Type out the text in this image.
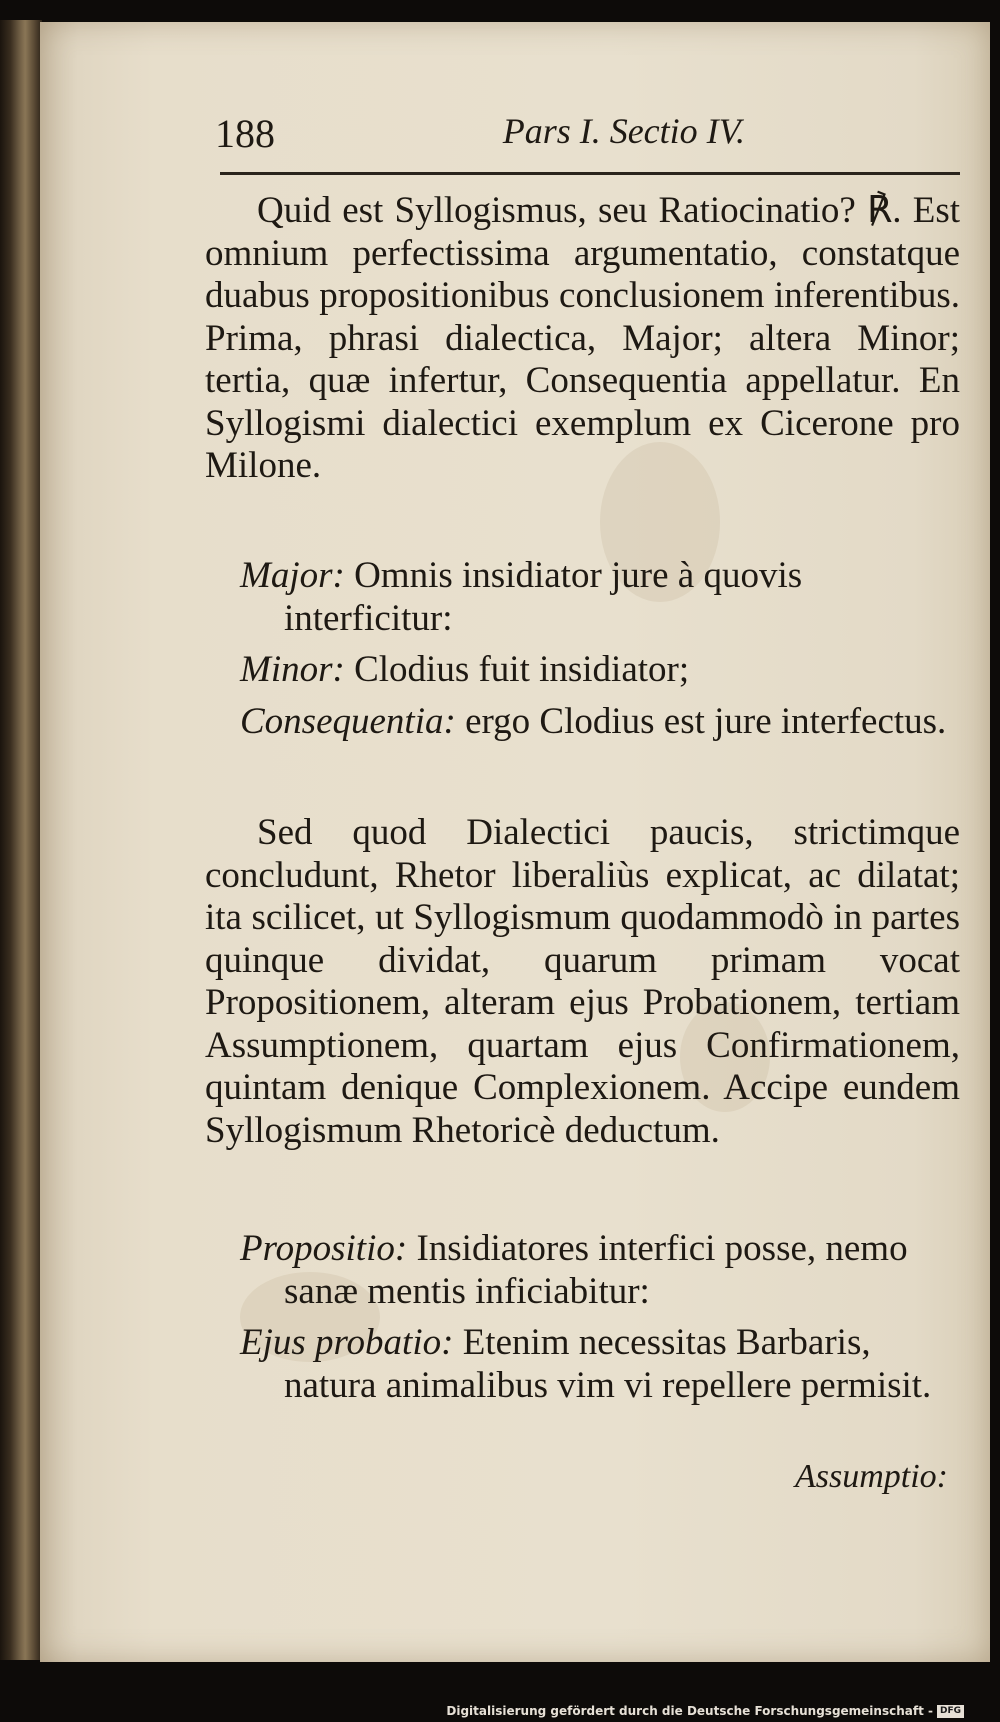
188	Pars I. Sectio IV.

Quid est Syllogismus, seu Ratiocinatio? ℟. Est omnium perfectissima argumentatio, constatque duabus propositionibus conclusionem inferentibus. Prima, phrasi dialectica, Major; altera Minor; tertia, quæ infertur, Consequentia appellatur. En Syllogismi dialectici exemplum ex Cicerone pro Milone.

Major: Omnis insidiator jure à quovis interficitur:

Minor: Clodius fuit insidiator;

Consequentia: ergo Clodius est jure interfectus.

Sed quod Dialectici paucis, strictimque concludunt, Rhetor liberaliùs explicat, ac dilatat; ita scilicet, ut Syllogismum quodammodò in partes quinque dividat, quarum primam vocat Propositionem, alteram ejus Probationem, tertiam Assumptionem, quartam ejus Confirmationem, quintam denique Complexionem. Accipe eundem Syllogismum Rhetoricè deductum.

Propositio: Insidiatores interfici posse, nemo sanæ mentis inficiabitur:

Ejus probatio: Etenim necessitas Barbaris, natura animalibus vim vi repellere permisit.

Assumptio:
Digitalisierung gefördert durch die Deutsche Forschungsgemeinschaft - DFG
